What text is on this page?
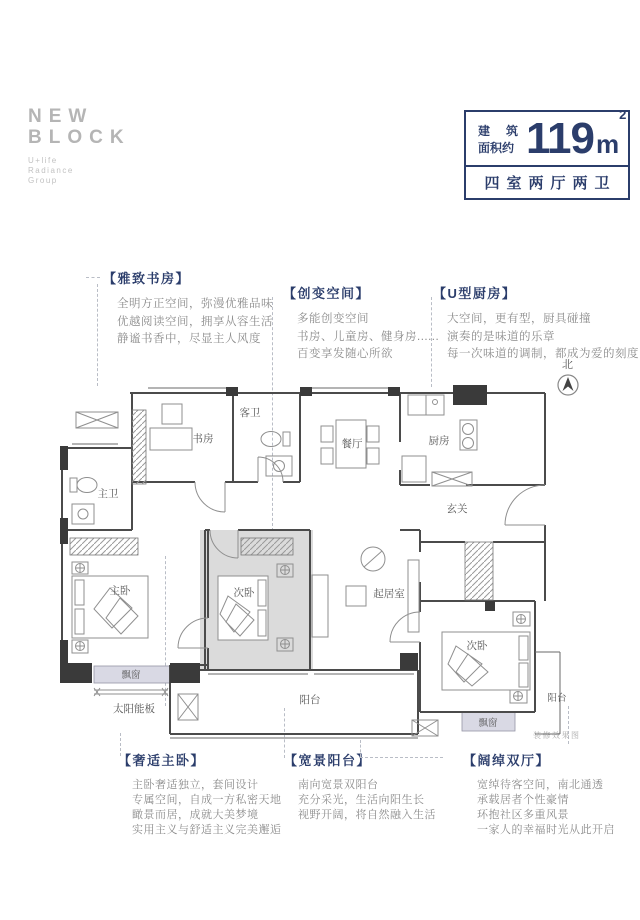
NEW
BLOCK
U+life
Radiance
Group
建 筑
面积约 $119m^2$
四室两厅两卫
【雅致书房】
全明方正空间，弥漫优雅品味
优越阅读空间，拥享从容生活
静谧书香中，尽显主人风度
【创变空间】
多能创变空间
书房、儿童房、健身房......
百变享发随心所欲
【U型厨房】
大空间，更有型，厨具碰撞
演奏的是味道的乐章
每一次味道的调制，都成为爱的刻度
【奢适主卧】
主卧奢适独立，套间设计
专属空间，自成一方私密天地
瞰景而居，成就大美梦境
实用主义与舒适主义完美邂逅
【宽景阳台】
南向宽景双阳台
充分采光，生活向阳生长
视野开阔，将自然融入生活
【阔绰双厅】
宽绰待客空间，南北通透
承载居者个性豪情
环抱社区多重风景
一家人的幸福时光从此开启
北
装修效果图
书房
客卫
餐厅	厨房
玄关
主卫
主卧	次卧	起居室
次卧
飘窗
飘窗
太阳能板
阳台	阳台
